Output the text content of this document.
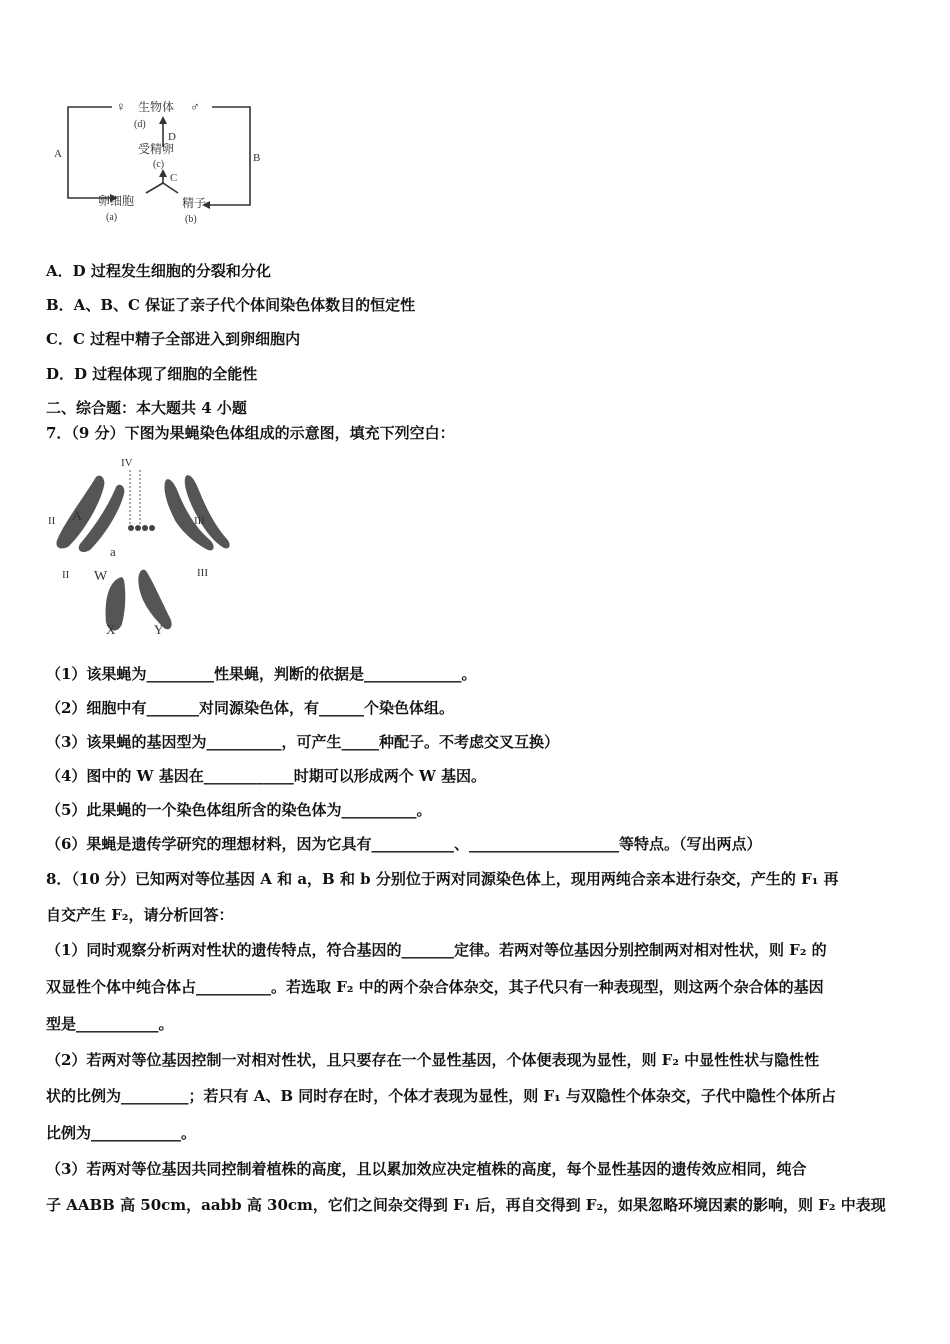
♀ 生物体 ♂
(d)
D
受精卵
(c)
C
A	B
卵细胞
(a)
精子
(b)
A．D 过程发生细胞的分裂和分化
B．A、B、C 保证了亲子代个体间染色体数目的恒定性
C．C 过程中精子全部进入到卵细胞内
D．D 过程体现了细胞的全能性
二、综合题：本大题共 4 小题
7．（9 分）下图为果蝇染色体组成的示意图，填充下列空白：
IV
II A	III
a
II W	III
X	Y
（1）该果蝇为_________性果蝇，判断的依据是_____________。
（2）细胞中有_______对同源染色体，有______个染色体组。
（3）该果蝇的基因型为__________，可产生_____种配子。不考虑交叉互换）
（4）图中的 W 基因在____________时期可以形成两个 W 基因。
（5）此果蝇的一个染色体组所含的染色体为__________。
（6）果蝇是遗传学研究的理想材料，因为它具有___________、____________________等特点。（写出两点）
8．（10 分）已知两对等位基因 A 和 a，B 和 b 分别位于两对同源染色体上，现用两纯合亲本进行杂交，产生的 F₁ 再
自交产生 F₂，请分析回答：
（1）同时观察分析两对性状的遗传特点，符合基因的_______定律。若两对等位基因分别控制两对相对性状，则 F₂ 的
双显性个体中纯合体占__________。若选取 F₂ 中的两个杂合体杂交，其子代只有一种表现型，则这两个杂合体的基因
型是___________。
（2）若两对等位基因控制一对相对性状，且只要存在一个显性基因，个体便表现为显性，则 F₂ 中显性性状与隐性性
状的比例为_________；若只有 A、B 同时存在时，个体才表现为显性，则 F₁ 与双隐性个体杂交，子代中隐性个体所占
比例为____________。
（3）若两对等位基因共同控制着植株的高度，且以累加效应决定植株的高度，每个显性基因的遗传效应相同，纯合
子 AABB 高 50cm，aabb 高 30cm，它们之间杂交得到 F₁ 后，再自交得到 F₂，如果忽略环境因素的影响，则 F₂ 中表现
